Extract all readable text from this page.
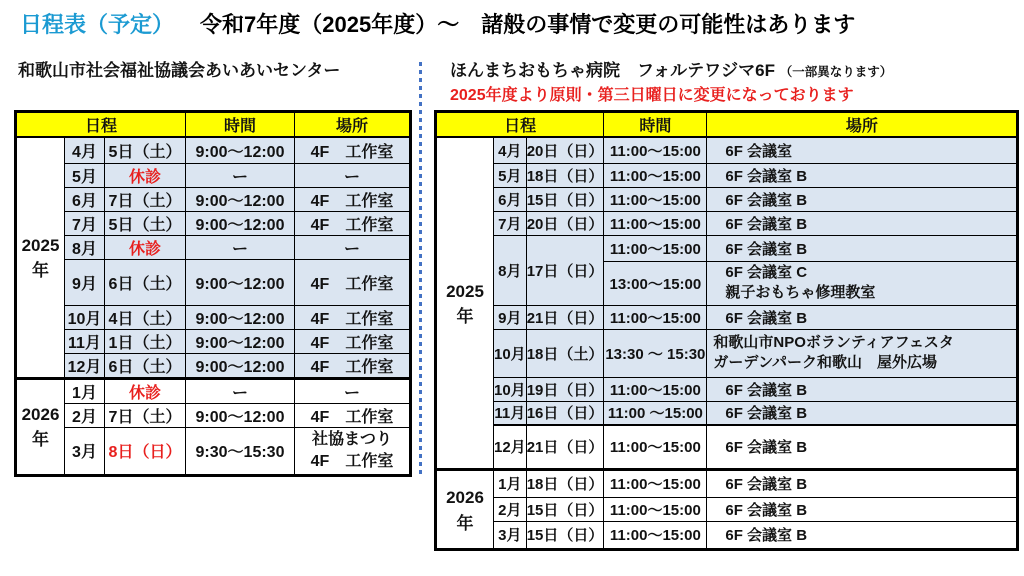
日程表（予定） 令和7年度（2025年度）～　諸般の事情で変更の可能性はあります
和歌山市社会福祉協議会あいあいセンター	ほんまちおもちゃ病院　フォルテワジマ6F （一部異なります）
2025年度より原則・第三日曜日に変更になっております
日程			時間	場所

2025
年	4月	5日（土）	9:00～12:00	4F　工作室
	5月	休診	ー	ー
	6月	7日（土）	9:00～12:00	4F　工作室
	7月	5日（土）	9:00～12:00	4F　工作室
	8月	休診	ー	ー
	9月	6日（土）	9:00～12:00	4F　工作室
	10月	4日（土）	9:00～12:00	4F　工作室
	11月	1日（土）	9:00～12:00	4F　工作室
	12月	6日（土）	9:00～12:00	4F　工作室

2026
年	1月	休診	ー	ー
	2月	7日（土）	9:00～12:00	4F　工作室
	3月	8日（日）	9:30～15:30	社協まつり
4F　工作室
日程			時間	場所

2025
年	4月	20日（日）	11:00～15:00	6F 会議室
	5月	18日（日）	11:00～15:00	6F 会議室 B
	6月	15日（日）	11:00～15:00	6F 会議室 B
	7月	20日（日）	11:00～15:00	6F 会議室 B
	8月	17日（日）	11:00～15:00	6F 会議室 B
			13:00～15:00	6F 会議室 C
親子おもちゃ修理教室

	9月	21日（日）	11:00～15:00	6F 会議室 B
	10月	18日（土）	13:30 ～ 15:30	和歌山市NPOボランティアフェスタ
ガーデンパーク和歌山　屋外広場

	10月	19日（日）	11:00～15:00	6F 会議室 B
	11月	16日（日）	11:00 ～15:00	6F 会議室 B
	12月	21日（日）	11:00～15:00	6F 会議室 B

2026
年	1月	18日（日）	11:00～15:00	6F 会議室 B
	2月	15日（日）	11:00～15:00	6F 会議室 B
	3月	15日（日）	11:00～15:00	6F 会議室 B
